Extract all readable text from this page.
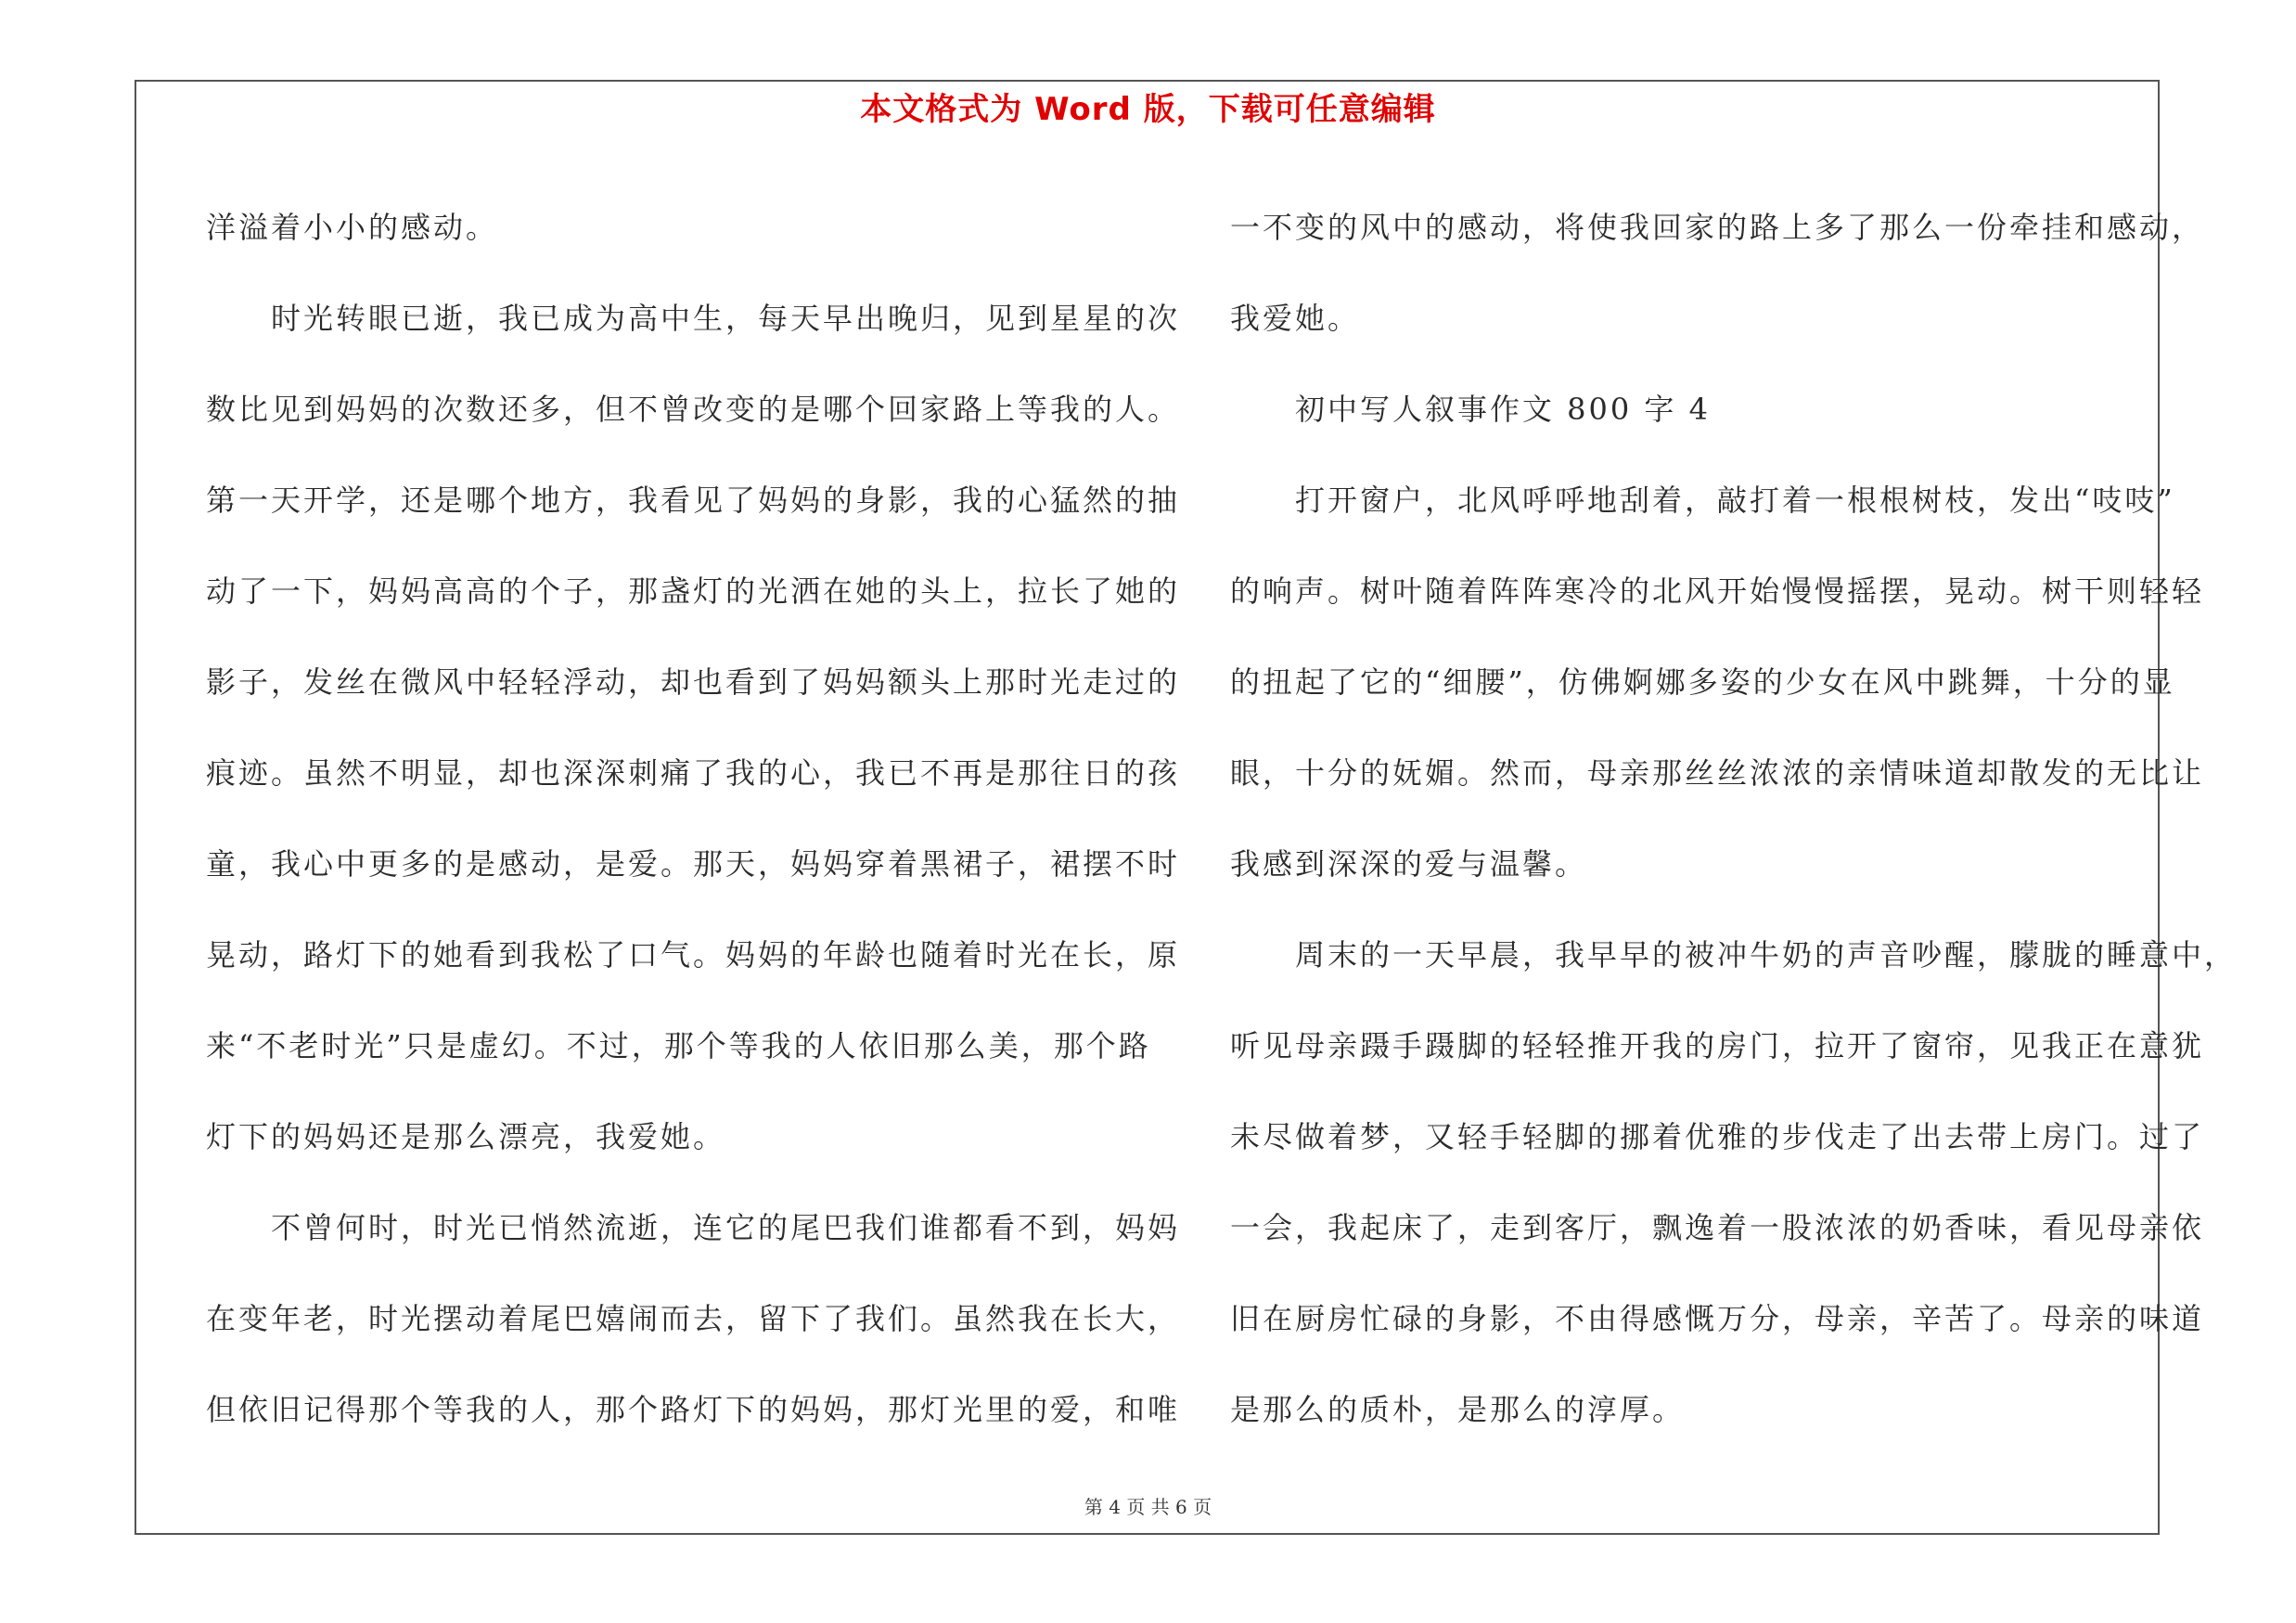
本文格式为 Word 版，下载可任意编辑
洋溢着小小的感动。
时光转眼已逝，我已成为高中生，每天早出晚归，见到星星的次
数比见到妈妈的次数还多，但不曾改变的是哪个回家路上等我的人。
第一天开学，还是哪个地方，我看见了妈妈的身影，我的心猛然的抽
动了一下，妈妈高高的个子，那盏灯的光洒在她的头上，拉长了她的
影子，发丝在微风中轻轻浮动，却也看到了妈妈额头上那时光走过的
痕迹。虽然不明显，却也深深刺痛了我的心，我已不再是那往日的孩
童，我心中更多的是感动，是爱。那天，妈妈穿着黑裙子，裙摆不时
晃动，路灯下的她看到我松了口气。妈妈的年龄也随着时光在长，原
来“不老时光”只是虚幻。不过，那个等我的人依旧那么美，那个路
灯下的妈妈还是那么漂亮，我爱她。
不曾何时，时光已悄然流逝，连它的尾巴我们谁都看不到，妈妈
在变年老，时光摆动着尾巴嬉闹而去，留下了我们。虽然我在长大，
但依旧记得那个等我的人，那个路灯下的妈妈，那灯光里的爱，和唯
一不变的风中的感动，将使我回家的路上多了那么一份牵挂和感动，
我爱她。
初中写人叙事作文 800 字 4
打开窗户，北风呼呼地刮着，敲打着一根根树枝，发出“吱吱”
的响声。树叶随着阵阵寒冷的北风开始慢慢摇摆，晃动。树干则轻轻
的扭起了它的“细腰”，仿佛婀娜多姿的少女在风中跳舞，十分的显
眼，十分的妩媚。然而，母亲那丝丝浓浓的亲情味道却散发的无比让
我感到深深的爱与温馨。
周末的一天早晨，我早早的被冲牛奶的声音吵醒，朦胧的睡意中，
听见母亲蹑手蹑脚的轻轻推开我的房门，拉开了窗帘，见我正在意犹
未尽做着梦，又轻手轻脚的挪着优雅的步伐走了出去带上房门。过了
一会，我起床了，走到客厅，飘逸着一股浓浓的奶香味，看见母亲依
旧在厨房忙碌的身影，不由得感慨万分，母亲，辛苦了。母亲的味道
是那么的质朴，是那么的淳厚。
第 4 页 共 6 页
